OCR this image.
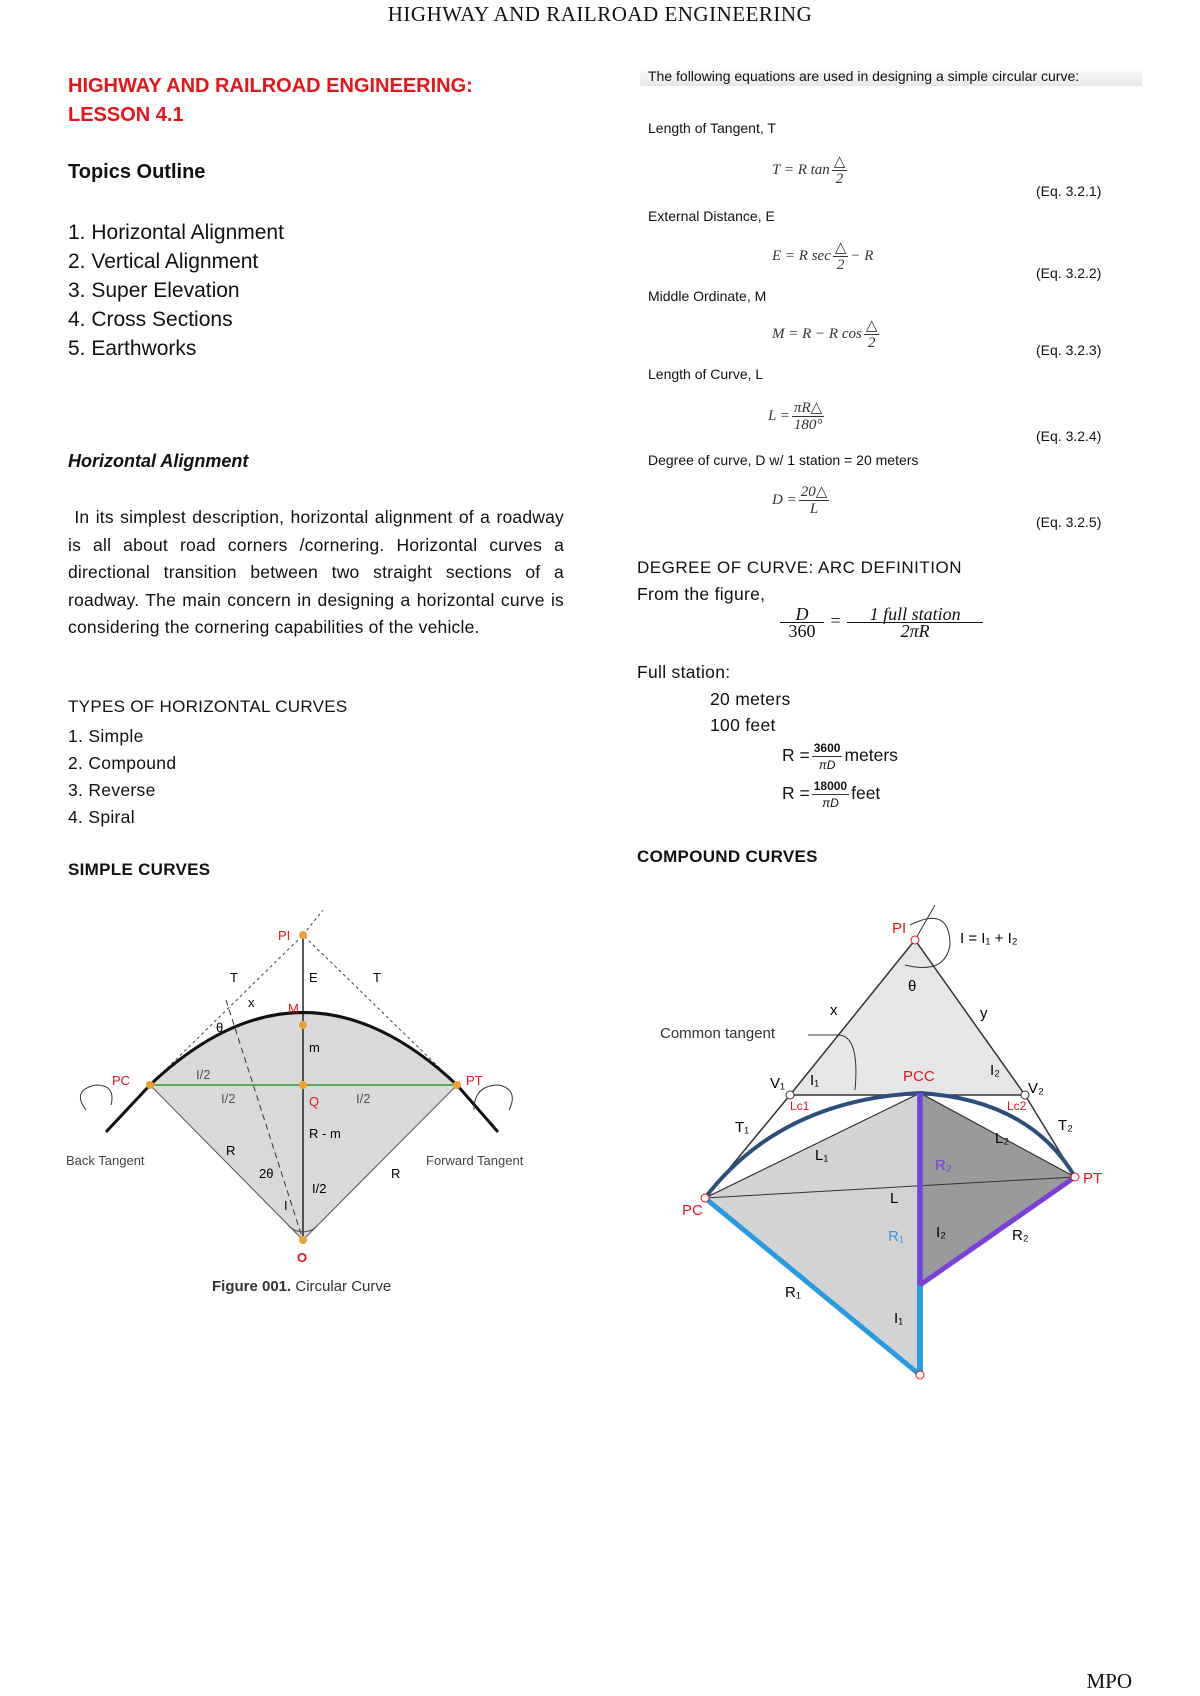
HIGHWAY AND RAILROAD ENGINEERING
HIGHWAY AND RAILROAD ENGINEERING:
LESSON 4.1
Topics Outline
1. Horizontal Alignment
2. Vertical Alignment
3. Super Elevation
4. Cross Sections
5. Earthworks
Horizontal Alignment
In its simplest description, horizontal alignment of a roadway is all about road corners /cornering. Horizontal curves a directional transition between two straight sections of a roadway. The main concern in designing a horizontal curve is considering the cornering capabilities of the vehicle.
TYPES OF HORIZONTAL CURVES
1. Simple
2. Compound
3. Reverse
4. Spiral
SIMPLE CURVES
PI
PC	PT
M
Q
O
T	T
E
x
θ
m
I/2
I/2	I/2
R - m
R
R
2θ
I/2
I
Back Tangent	Forward Tangent
Figure 001. Circular Curve
The following equations are used in designing a simple circular curve:
Length of Tangent, T
T = R $\tan \frac{\triangle}{2}$
(Eq. 3.2.1)
External Distance, E
E = R $\sec \frac{\triangle}{2} - R$
(Eq. 3.2.2)
Middle Ordinate, M
M = R − R $\cos \frac{\triangle}{2}$	(Eq. 3.2.3)
Length of Curve, L
$L = \frac{\pi R\triangle}{180^\circ}$
(Eq. 3.2.4)
Degree of curve, D w/ 1 station = 20 meters
$D = \frac{20\triangle}{L}$
(Eq. 3.2.5)
DEGREE OF CURVE: ARC DEFINITION
From the figure,
$\frac{D}{360} = \frac{\text{1 full station}}{2\pi R}$
Full station:
20 meters
100 feet
$R = \frac{3600}{\pi D}$ meters
$R = \frac{18000}{\pi D}$ feet
COMPOUND CURVES
PI
I = I₁ + I₂
θ
x	y
Common tangent
V₁	V₂
I₁
I₂
PCC
T₁	T₂
Lc1	Lc2
L₁
L₂
L
R₁
R₂
I₂	R₂
R₁
I₁
PC
PT
MPO
